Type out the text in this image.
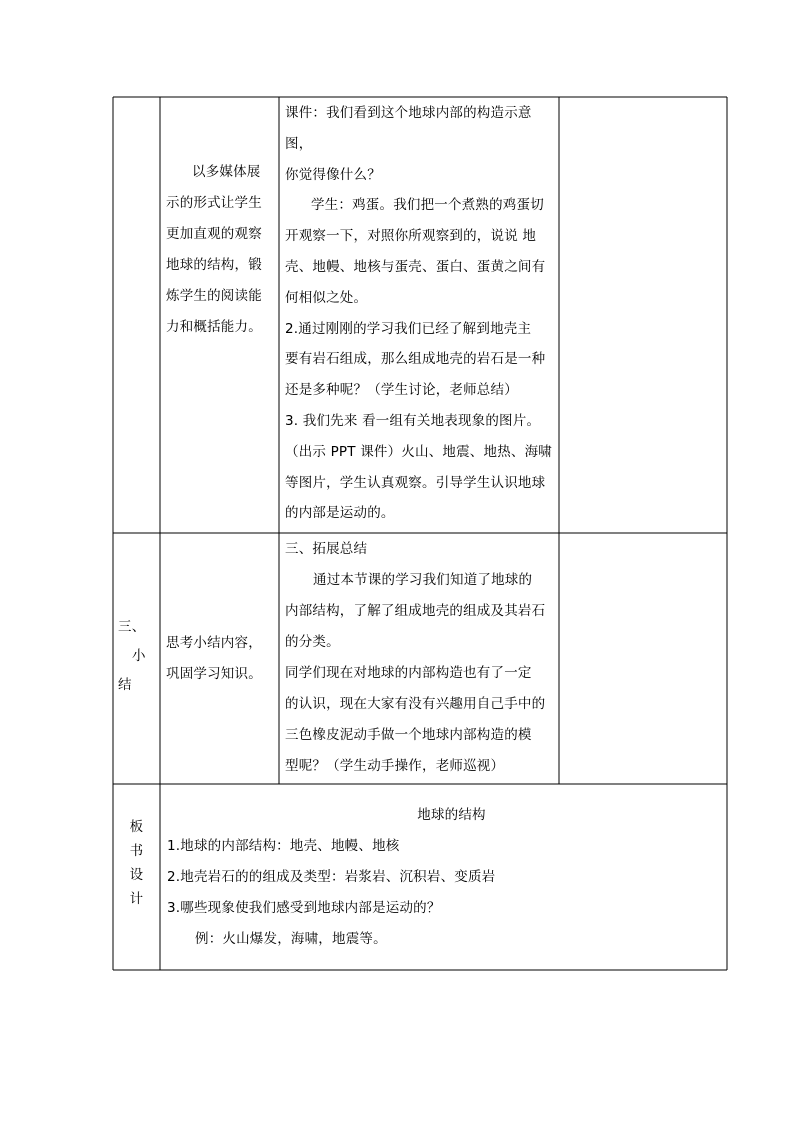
以多媒体展

示的形式让学生

更加直观的观察

地球的结构，锻

炼学生的阅读能

力和概括能力。

课件：我们看到这个地球内部的构造示意图，

你觉得像什么？

学生：鸡蛋。我们把一个煮熟的鸡蛋切

开观察一下，对照你所观察到的，说说 地

壳、地幔、地核与蛋壳、蛋白、蛋黄之间有

何相似之处。

2.通过刚刚的学习我们已经了解到地壳主

要有岩石组成，那么组成地壳的岩石是一种

还是多种呢？（学生讨论，老师总结）

3. 我们先来 看一组有关地表现象的图片。

（出示 PPT 课件）火山、地震、地热、海啸

等图片，学生认真观察。引导学生认识地球

的内部是运动的。

三、

小

结

思考小结内容，

巩固学习知识。

三、拓展总结

通过本节课的学习我们知道了地球的

内部结构，了解了组成地壳的组成及其岩石

的分类。

同学们现在对地球的内部构造也有了一定

的认识，现在大家有没有兴趣用自己手中的

三色橡皮泥动手做一个地球内部构造的模

型呢？（学生动手操作，老师巡视）

板

书

设

计

地球的结构

1.地球的内部结构：地壳、地幔、地核

2.地壳岩石的的组成及类型：岩浆岩、沉积岩、变质岩

3.哪些现象使我们感受到地球内部是运动的？

例：火山爆发，海啸，地震等。
